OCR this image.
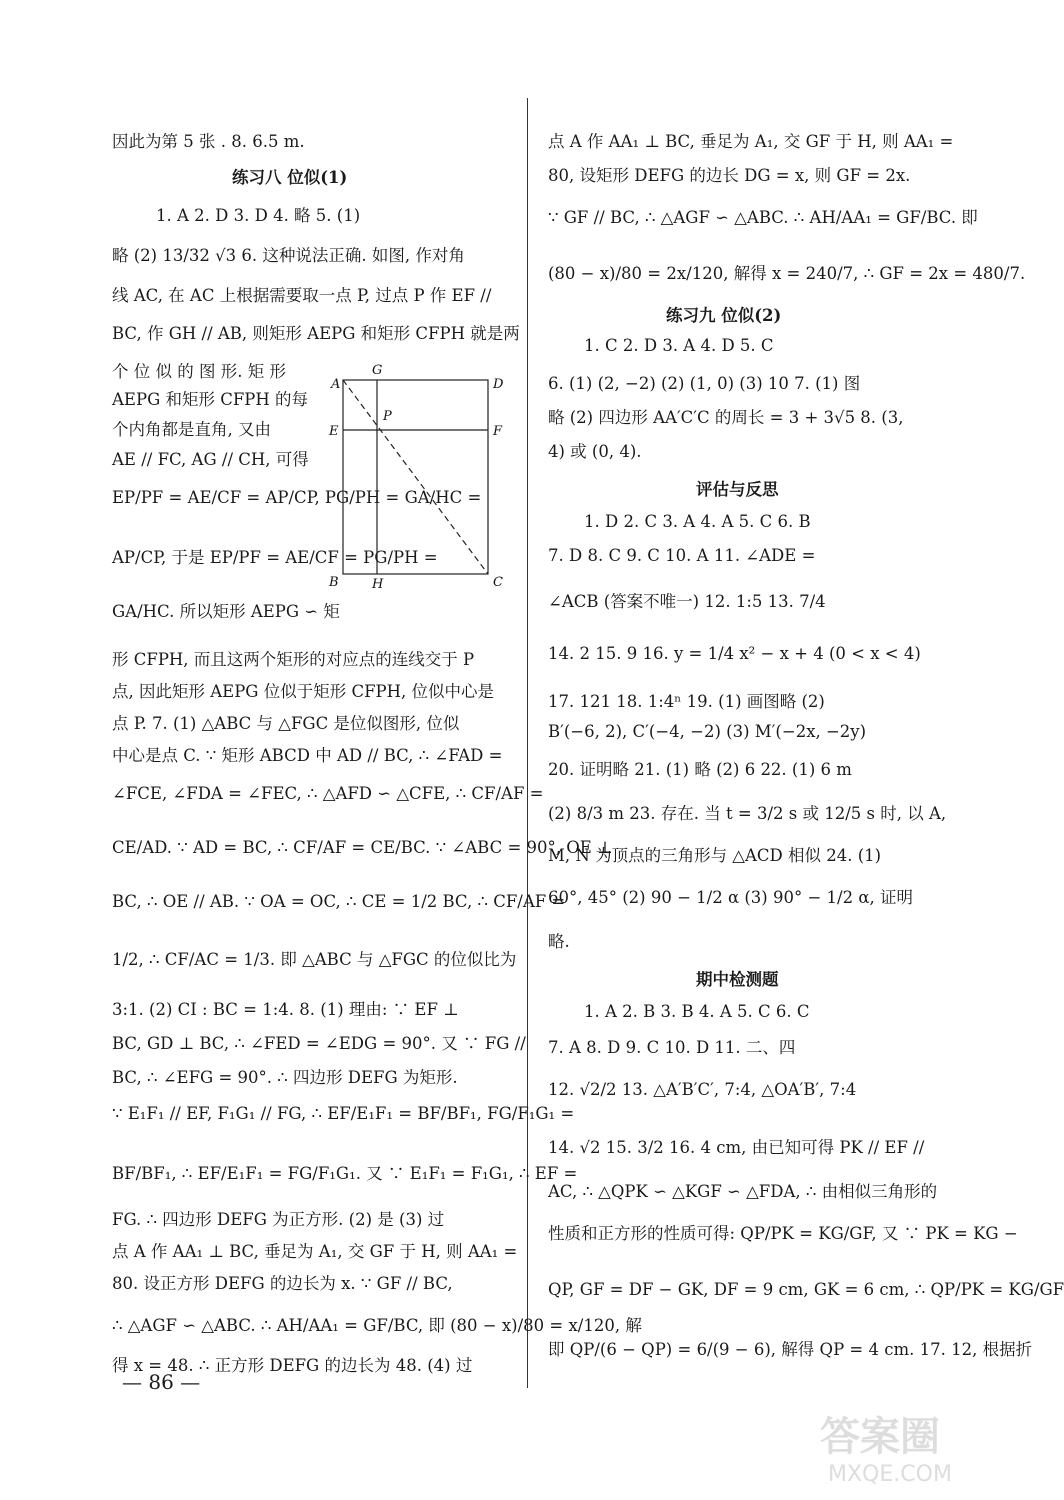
因此为第 5 张 . 8. 6.5 m.
练习八 位似(1)
1. A 2. D 3. D 4. 略 5. (1)
略 (2) 13/32 √3 6. 这种说法正确. 如图, 作对角
线 AC, 在 AC 上根据需要取一点 P, 过点 P 作 EF //
BC, 作 GH // AB, 则矩形 AEPG 和矩形 CFPH 就是两
个 位 似 的 图 形. 矩 形
AEPG 和矩形 CFPH 的每
个内角都是直角, 又由
AE // FC, AG // CH, 可得
EP/PF = AE/CF = AP/CP, PG/PH = GA/HC =
AP/CP, 于是 EP/PF = AE/CF = PG/PH =
GA/HC. 所以矩形 AEPG ∽ 矩
形 CFPH, 而且这两个矩形的对应点的连线交于 P
点, 因此矩形 AEPG 位似于矩形 CFPH, 位似中心是
点 P. 7. (1) △ABC 与 △FGC 是位似图形, 位似
中心是点 C. ∵ 矩形 ABCD 中 AD // BC, ∴ ∠FAD =
∠FCE, ∠FDA = ∠FEC, ∴ △AFD ∽ △CFE, ∴ CF/AF =
CE/AD. ∵ AD = BC, ∴ CF/AF = CE/BC. ∵ ∠ABC = 90°, OE ⊥
BC, ∴ OE // AB. ∵ OA = OC, ∴ CE = 1/2 BC, ∴ CF/AF =
1/2, ∴ CF/AC = 1/3. 即 △ABC 与 △FGC 的位似比为
3:1. (2) CI : BC = 1:4. 8. (1) 理由: ∵ EF ⊥
BC, GD ⊥ BC, ∴ ∠FED = ∠EDG = 90°. 又 ∵ FG //
BC, ∴ ∠EFG = 90°. ∴ 四边形 DEFG 为矩形.
∵ E₁F₁ // EF, F₁G₁ // FG, ∴ EF/E₁F₁ = BF/BF₁, FG/F₁G₁ =
BF/BF₁, ∴ EF/E₁F₁ = FG/F₁G₁. 又 ∵ E₁F₁ = F₁G₁, ∴ EF =
FG. ∴ 四边形 DEFG 为正方形. (2) 是 (3) 过
点 A 作 AA₁ ⊥ BC, 垂足为 A₁, 交 GF 于 H, 则 AA₁ =
80. 设正方形 DEFG 的边长为 x. ∵ GF // BC,
∴ △AGF ∽ △ABC. ∴ AH/AA₁ = GF/BC, 即 (80 − x)/80 = x/120, 解
得 x = 48. ∴ 正方形 DEFG 的边长为 48. (4) 过
A
G
D
E
P
F
B	H	C
点 A 作 AA₁ ⊥ BC, 垂足为 A₁, 交 GF 于 H, 则 AA₁ =
80, 设矩形 DEFG 的边长 DG = x, 则 GF = 2x.
∵ GF // BC, ∴ △AGF ∽ △ABC. ∴ AH/AA₁ = GF/BC. 即
(80 − x)/80 = 2x/120, 解得 x = 240/7, ∴ GF = 2x = 480/7.
练习九 位似(2)
1. C 2. D 3. A 4. D 5. C
6. (1) (2, −2) (2) (1, 0) (3) 10 7. (1) 图
略 (2) 四边形 AA′C′C 的周长 = 3 + 3√5 8. (3,
4) 或 (0, 4).
评估与反思
1. D 2. C 3. A 4. A 5. C 6. B
7. D 8. C 9. C 10. A 11. ∠ADE =
∠ACB (答案不唯一) 12. 1:5 13. 7/4
14. 2 15. 9 16. y = 1/4 x² − x + 4 (0 < x < 4)
17. 121 18. 1:4ⁿ 19. (1) 画图略 (2)
B′(−6, 2), C′(−4, −2) (3) M′(−2x, −2y)
20. 证明略 21. (1) 略 (2) 6 22. (1) 6 m
(2) 8/3 m 23. 存在. 当 t = 3/2 s 或 12/5 s 时, 以 A,
M, N 为顶点的三角形与 △ACD 相似 24. (1)
60°, 45° (2) 90 − 1/2 α (3) 90° − 1/2 α, 证明
略.
期中检测题
1. A 2. B 3. B 4. A 5. C 6. C
7. A 8. D 9. C 10. D 11. 二、四
12. √2/2 13. △A′B′C′, 7:4, △OA′B′, 7:4
14. √2 15. 3/2 16. 4 cm, 由已知可得 PK // EF //
AC, ∴ △QPK ∽ △KGF ∽ △FDA, ∴ 由相似三角形的
性质和正方形的性质可得: QP/PK = KG/GF, 又 ∵ PK = KG −
QP, GF = DF − GK, DF = 9 cm, GK = 6 cm, ∴ QP/PK = KG/GF
即 QP/(6 − QP) = 6/(9 − 6), 解得 QP = 4 cm. 17. 12, 根据折
— 86 —
答案圈
MXQE.COM
